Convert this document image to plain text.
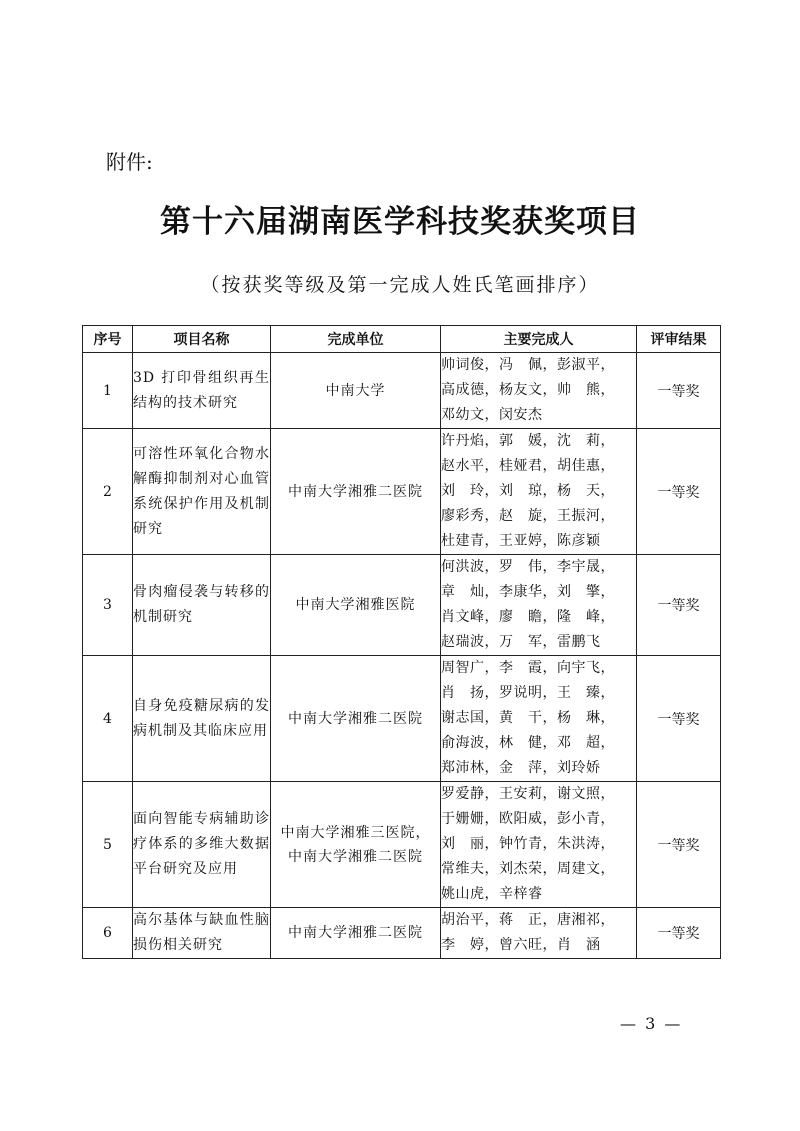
附件:
第十六届湖南医学科技奖获奖项目
（按获奖等级及第一完成人姓氏笔画排序）
序号	项目名称	完成单位	主要完成人	评审结果
1	3D 打印骨组织再生结构的技术研究	中南大学	帅词俊，冯　佩，彭淑平，
高成德，杨友文，帅　熊，
邓幼文，闵安杰	一等奖
2	可溶性环氧化合物水解酶抑制剂对心血管系统保护作用及机制研究	中南大学湘雅二医院	许丹焰，郭　媛，沈　莉，
赵水平，桂娅君，胡佳惠，
刘　玲，刘　琼，杨　天，
廖彩秀，赵　旋，王振河，
杜建青，王亚婷，陈彦颖	一等奖
3	骨肉瘤侵袭与转移的机制研究	中南大学湘雅医院	何洪波，罗　伟，李宇晟，
章　灿，李康华，刘　擎，
肖文峰，廖　瞻，隆　峰，
赵瑞波，万　军，雷鹏飞	一等奖
4	自身免疫糖尿病的发病机制及其临床应用	中南大学湘雅二医院	周智广，李　霞，向宇飞，
肖　扬，罗说明，王　臻，
谢志国，黄　干，杨　琳，
俞海波，林　健，邓　超，
郑沛林，金　萍，刘玲娇	一等奖
5	面向智能专病辅助诊疗体系的多维大数据平台研究及应用	中南大学湘雅三医院，
中南大学湘雅二医院	罗爱静，王安莉，谢文照，
于姗姗，欧阳威，彭小青，
刘　丽，钟竹青，朱洪涛，
常维夫，刘杰荣，周建文，
姚山虎，辛梓睿	一等奖
6	高尔基体与缺血性脑损伤相关研究	中南大学湘雅二医院	胡治平，蒋　正，唐湘祁，
李　婷，曾六旺，肖　涵	一等奖
— 3 —
